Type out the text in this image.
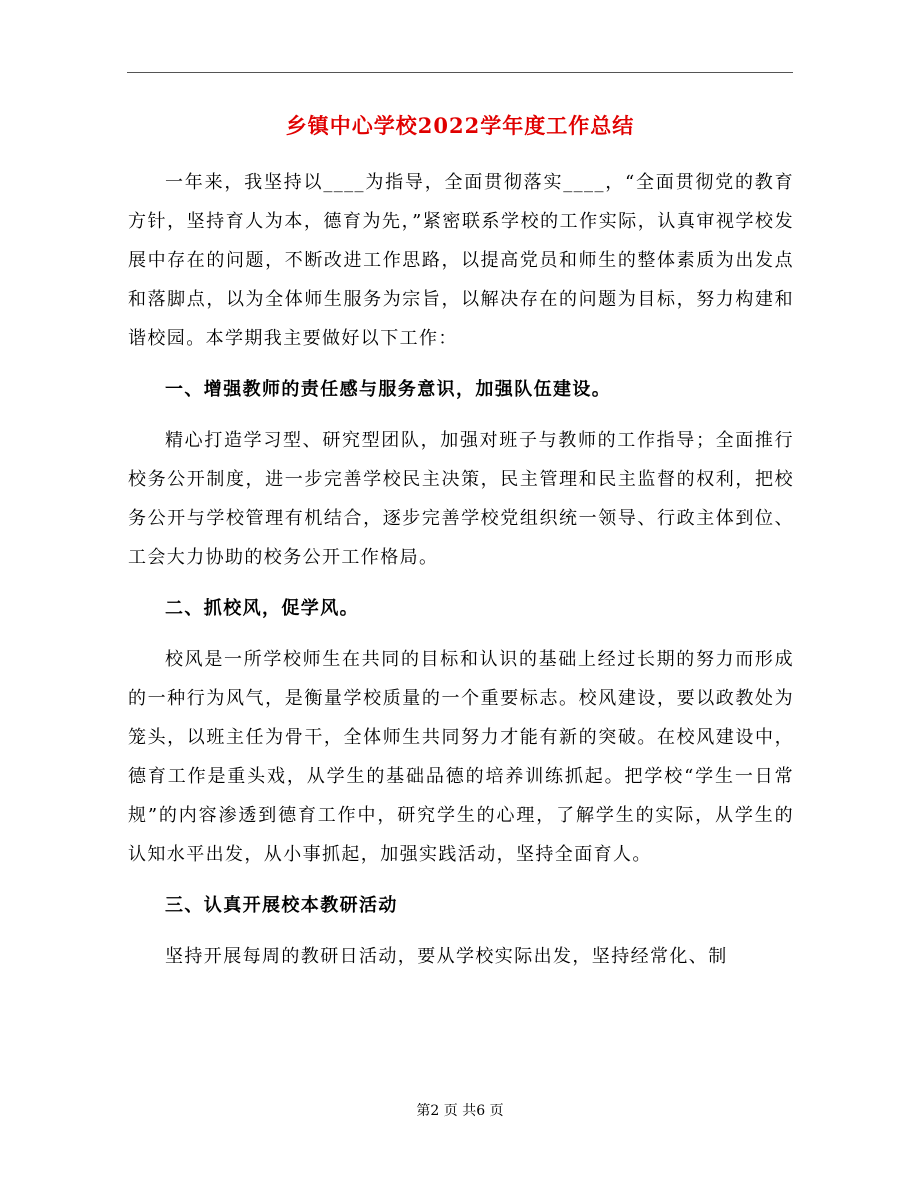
乡镇中心学校2022学年度工作总结

一年来，我坚持以____为指导，全面贯彻落实____，“全面贯彻党的教育方针，坚持育人为本，德育为先，”紧密联系学校的工作实际，认真审视学校发展中存在的问题，不断改进工作思路，以提高党员和师生的整体素质为出发点和落脚点，以为全体师生服务为宗旨，以解决存在的问题为目标，努力构建和谐校园。本学期我主要做好以下工作：

一、增强教师的责任感与服务意识，加强队伍建设。

精心打造学习型、研究型团队，加强对班子与教师的工作指导；全面推行校务公开制度，进一步完善学校民主决策，民主管理和民主监督的权利，把校务公开与学校管理有机结合，逐步完善学校党组织统一领导、行政主体到位、工会大力协助的校务公开工作格局。

二、抓校风，促学风。

校风是一所学校师生在共同的目标和认识的基础上经过长期的努力而形成的一种行为风气，是衡量学校质量的一个重要标志。校风建设，要以政教处为笼头，以班主任为骨干，全体师生共同努力才能有新的突破。在校风建设中，德育工作是重头戏，从学生的基础品德的培养训练抓起。把学校“学生一日常规”的内容渗透到德育工作中，研究学生的心理，了解学生的实际，从学生的认知水平出发，从小事抓起，加强实践活动，坚持全面育人。

三、认真开展校本教研活动

坚持开展每周的教研日活动，要从学校实际出发，坚持经常化、制

第2 页 共6 页
